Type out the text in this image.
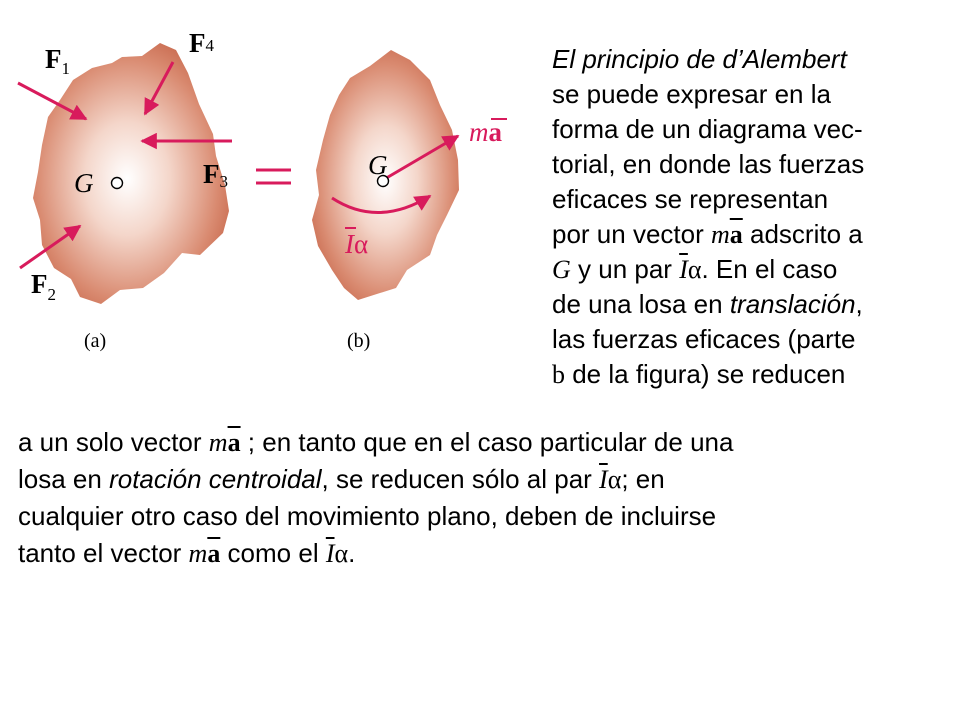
$F_1$
F4
F3
$F_2$
G
G
ma
Iα
(a)	(b)
El principio de d’Alembert
se puede expresar en la
forma de un diagrama vec-
torial, en donde las fuerzas
eficaces se representan
por un vector $m\overline{a}$ adscrito a
G y un par $\overline{I}\alpha$. En el caso
de una losa en translación,
las fuerzas eficaces (parte
b de la figura) se reducen
a un solo vector $m\overline{a}$ ; en tanto que en el caso particular de una
losa en rotación centroidal, se reducen sólo al par $\overline{I}\alpha$; en
cualquier otro caso del movimiento plano, deben de incluirse
tanto el vector $m\overline{a}$ como el $\overline{I}\alpha$.
